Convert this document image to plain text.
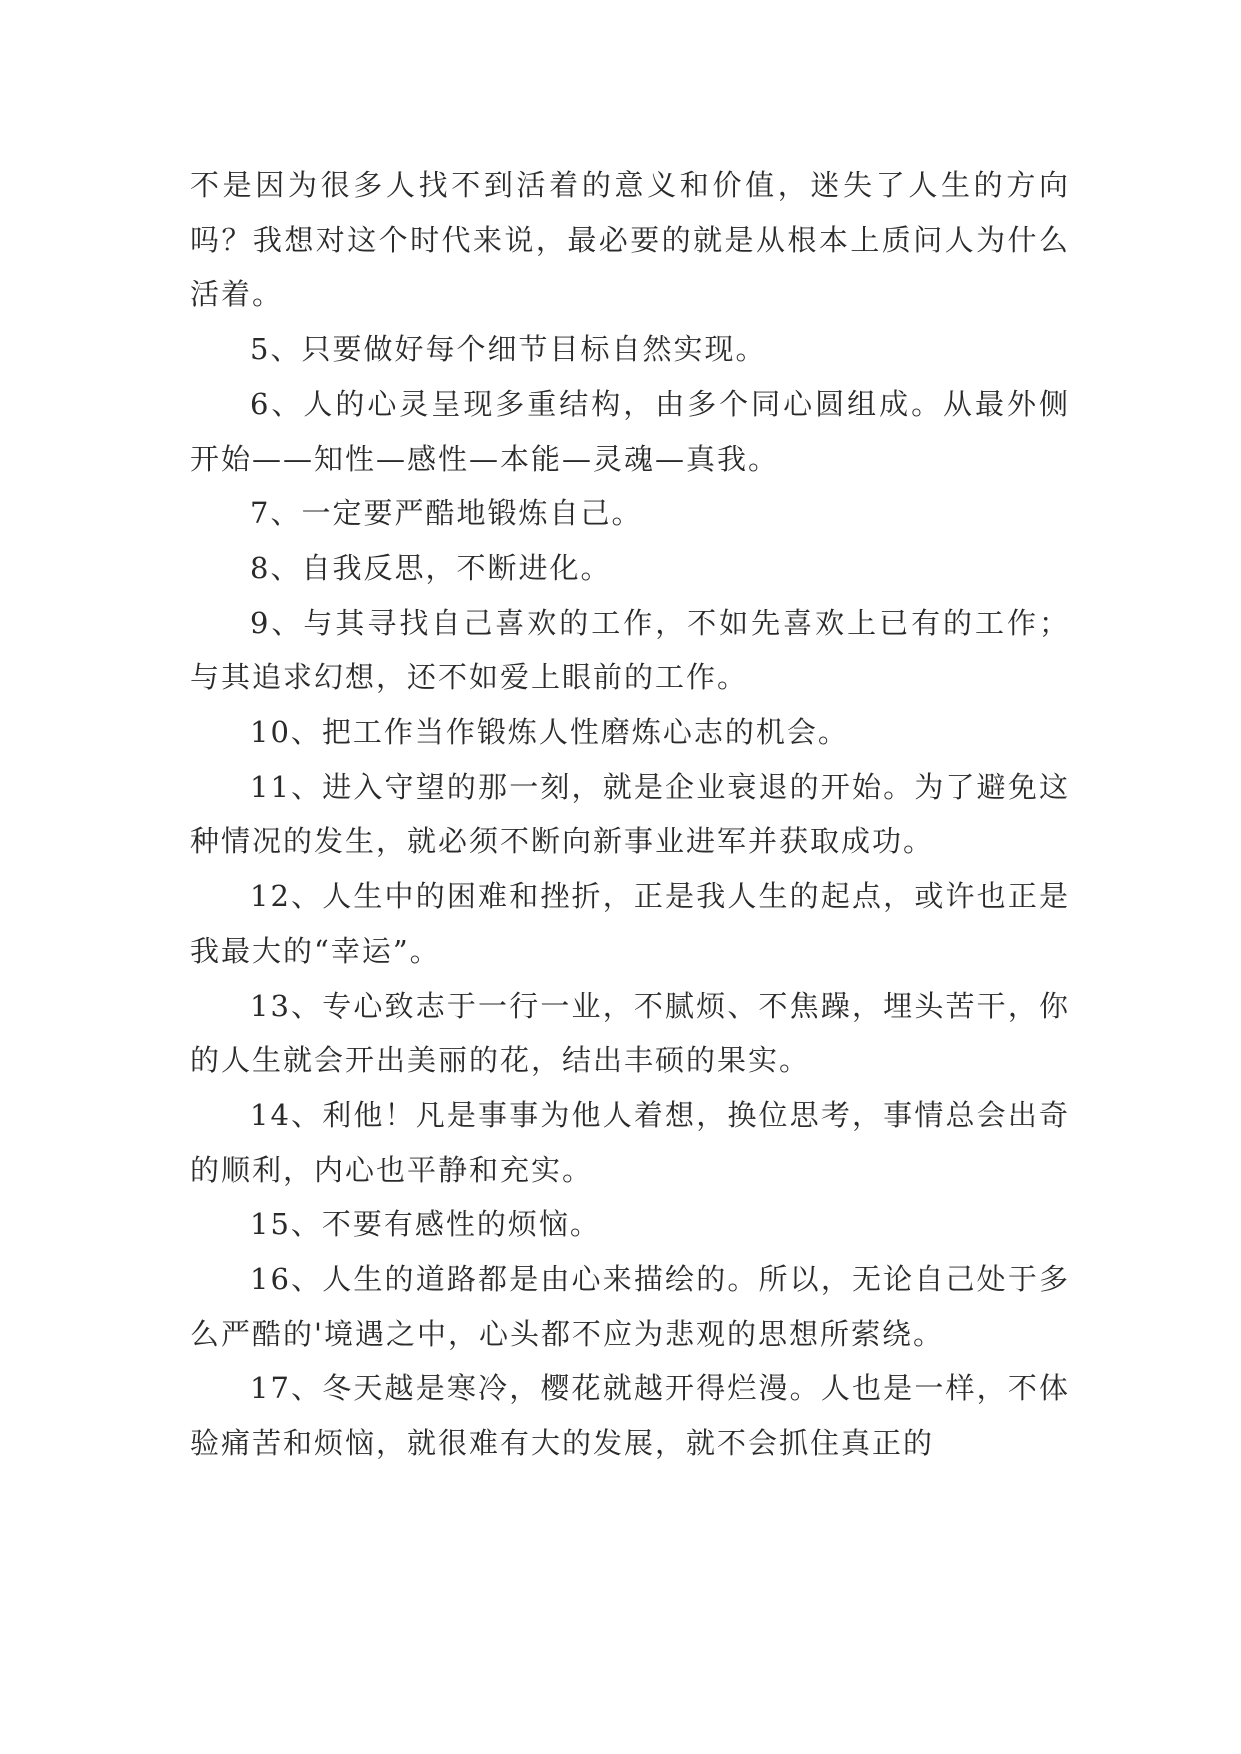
不是因为很多人找不到活着的意义和价值，迷失了人生的方向吗？我想对这个时代来说，最必要的就是从根本上质问人为什么活着。

5、只要做好每个细节目标自然实现。

6、人的心灵呈现多重结构，由多个同心圆组成。从最外侧开始——知性—感性—本能—灵魂—真我。

7、一定要严酷地锻炼自己。

8、自我反思，不断进化。

9、与其寻找自己喜欢的工作，不如先喜欢上已有的工作；与其追求幻想，还不如爱上眼前的工作。

10、把工作当作锻炼人性磨炼心志的机会。

11、进入守望的那一刻，就是企业衰退的开始。为了避免这种情况的发生，就必须不断向新事业进军并获取成功。

12、人生中的困难和挫折，正是我人生的起点，或许也正是我最大的“幸运”。

13、专心致志于一行一业，不腻烦、不焦躁，埋头苦干，你的人生就会开出美丽的花，结出丰硕的果实。

14、利他！凡是事事为他人着想，换位思考，事情总会出奇的顺利，内心也平静和充实。

15、不要有感性的烦恼。

16、人生的道路都是由心来描绘的。所以，无论自己处于多么严酷的'境遇之中，心头都不应为悲观的思想所萦绕。

17、冬天越是寒冷，樱花就越开得烂漫。人也是一样，不体验痛苦和烦恼，就很难有大的发展，就不会抓住真正的
